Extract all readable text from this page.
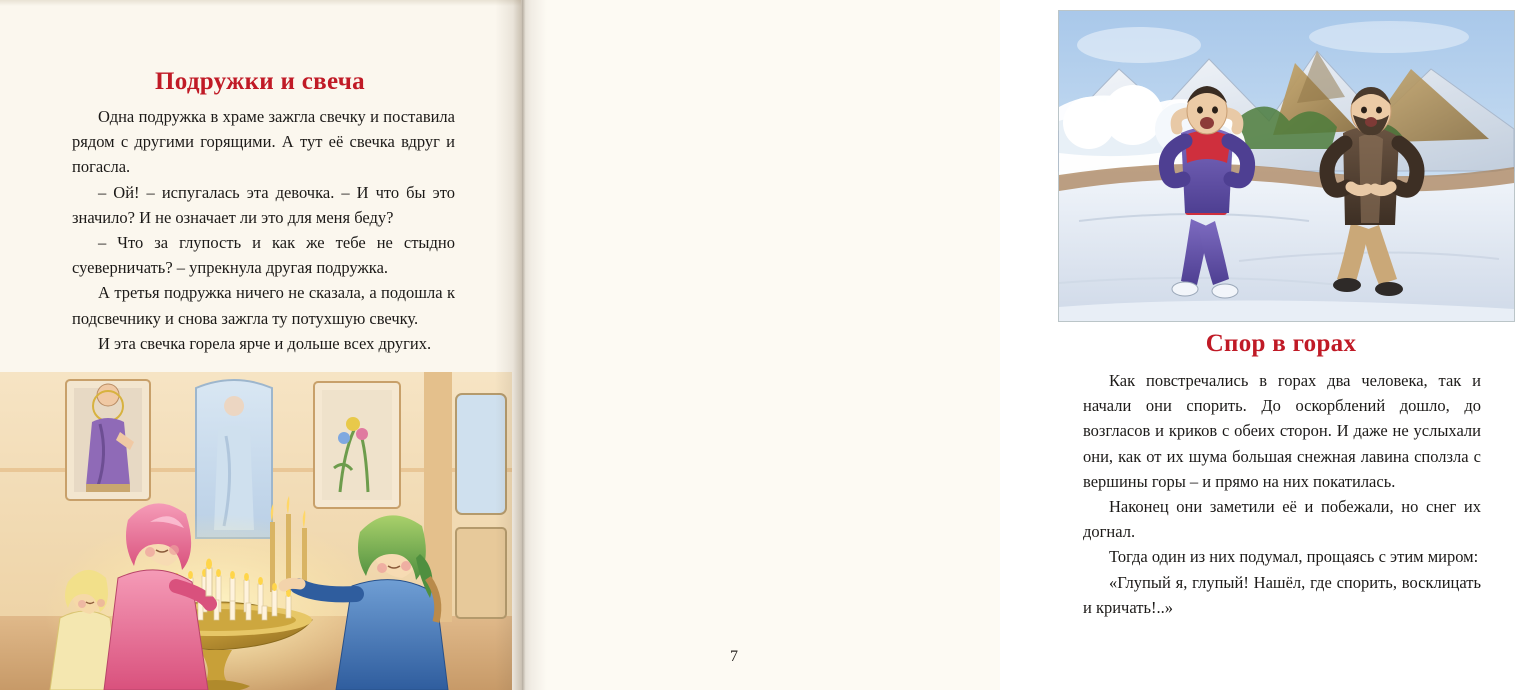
Подружки и свеча

Одна подружка в храме зажгла свечку и поставила рядом с другими горящими. А тут её свечка вдруг и погасла.

– Ой! – испугалась эта девочка. – И что бы это значило? И не означает ли это для меня беду?

– Что за глупость и как же тебе не стыдно суеверничать? – упрекнула другая подружка.

А третья подружка ничего не сказала, а подошла к подсвечнику и снова зажгла ту потухшую свечку.

И эта свечка горела ярче и дольше всех других.	Спор в горах

Как повстречались в горах два человека, так и начали они спорить. До оскорблений дошло, до возгласов и криков с обеих сторон. И даже не услыхали они, как от их шума большая снежная лавина сползла с вершины горы – и прямо на них покатилась.

Наконец они заметили её и побежали, но снег их догнал.

Тогда один из них подумал, прощаясь с этим миром:

«Глупый я, глупый! Нашёл, где спорить, восклицать и кричать!..»

7
